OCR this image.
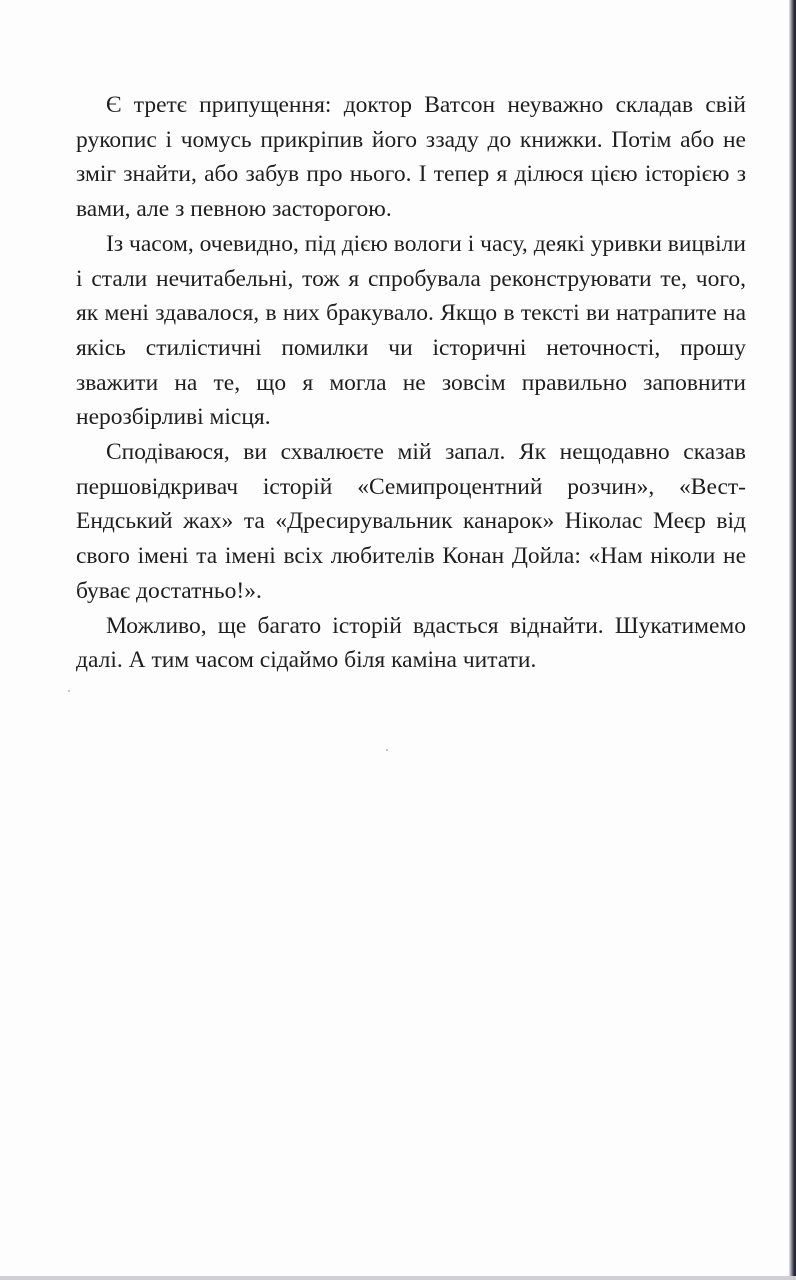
Є третє припущення: доктор Ватсон неуважно складав свій рукопис і чомусь прикріпив його ззаду до книжки. Потім або не зміг знайти, або забув про нього. І тепер я ділюся цією історією з вами, але з певною засторогою.

Із часом, очевидно, під дією вологи і часу, деякі уривки вицвіли і стали нечитабельні, тож я спробувала реконструювати те, чого, як мені здавалося, в них бракувало. Якщо в тексті ви натрапите на якісь стилістичні помилки чи історичні неточності, прошу зважити на те, що я могла не зовсім правильно заповнити нерозбірливі місця.

Сподіваюся, ви схвалюєте мій запал. Як нещодавно сказав першовідкривач історій «Семипроцентний розчин», «Вест-Ендський жах» та «Дресирувальник канарок» Ніколас Меєр від свого імені та імені всіх любителів Конан Дойла: «Нам ніколи не буває достатньо!».

Можливо, ще багато історій вдасться віднайти. Шукатимемо далі. А тим часом сідаймо біля каміна читати.
